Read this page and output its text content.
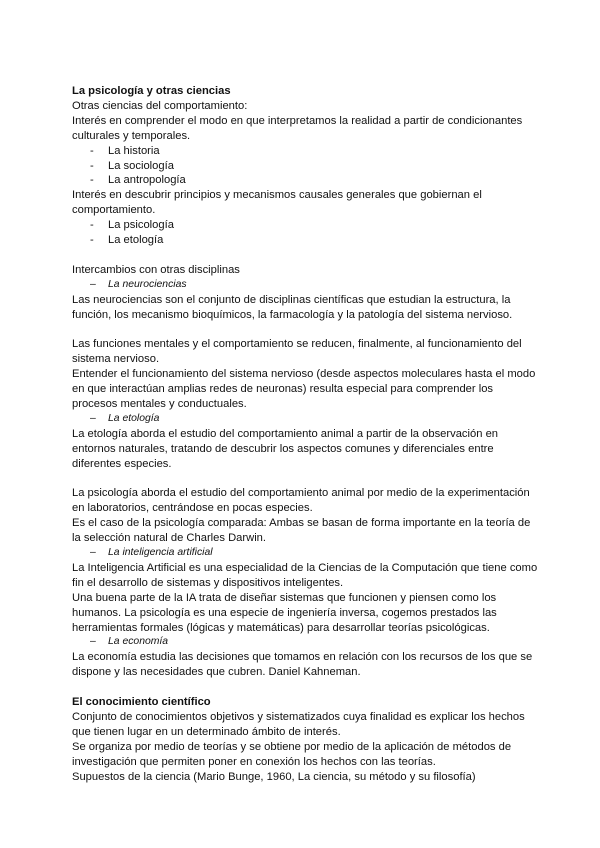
La psicología y otras ciencias

Otras ciencias del comportamiento:

Interés en comprender el modo en que interpretamos la realidad a partir de condicionantes culturales y temporales.

- La historia

- La sociología

- La antropología

Interés en descubrir principios y mecanismos causales generales que gobiernan el comportamiento.

- La psicología

- La etología

Intercambios con otras disciplinas

– La neurociencias

Las neurociencias son el conjunto de disciplinas científicas que estudian la estructura, la función, los mecanismo bioquímicos, la farmacología y la patología del sistema nervioso.

Las funciones mentales y el comportamiento se reducen, finalmente, al funcionamiento del sistema nervioso.

Entender el funcionamiento del sistema nervioso (desde aspectos moleculares hasta el modo en que interactúan amplias redes de neuronas) resulta especial para comprender los procesos mentales y conductuales.

– La etología

La etología aborda el estudio del comportamiento animal a partir de la observación en entornos naturales, tratando de descubrir los aspectos comunes y diferenciales entre diferentes especies.

La psicología aborda el estudio del comportamiento animal por medio de la experimentación en laboratorios, centrándose en pocas especies.

Es el caso de la psicología comparada: Ambas se basan de forma importante en la teoría de la selección natural de Charles Darwin.

– La inteligencia artificial

La Inteligencia Artificial es una especialidad de la Ciencias de la Computación que tiene como fin el desarrollo de sistemas y dispositivos inteligentes.

Una buena parte de la IA trata de diseñar sistemas que funcionen y piensen como los humanos. La psicología es una especie de ingeniería inversa, cogemos prestados las herramientas formales (lógicas y matemáticas) para desarrollar teorías psicológicas.

– La economía

La economía estudia las decisiones que tomamos en relación con los recursos de los que se dispone y las necesidades que cubren. Daniel Kahneman.

El conocimiento científico

Conjunto de conocimientos objetivos y sistematizados cuya finalidad es explicar los hechos que tienen lugar en un determinado ámbito de interés.

Se organiza por medio de teorías y se obtiene por medio de la aplicación de métodos de investigación que permiten poner en conexión los hechos con las teorías.

Supuestos de la ciencia (Mario Bunge, 1960, La ciencia, su método y su filosofía)
